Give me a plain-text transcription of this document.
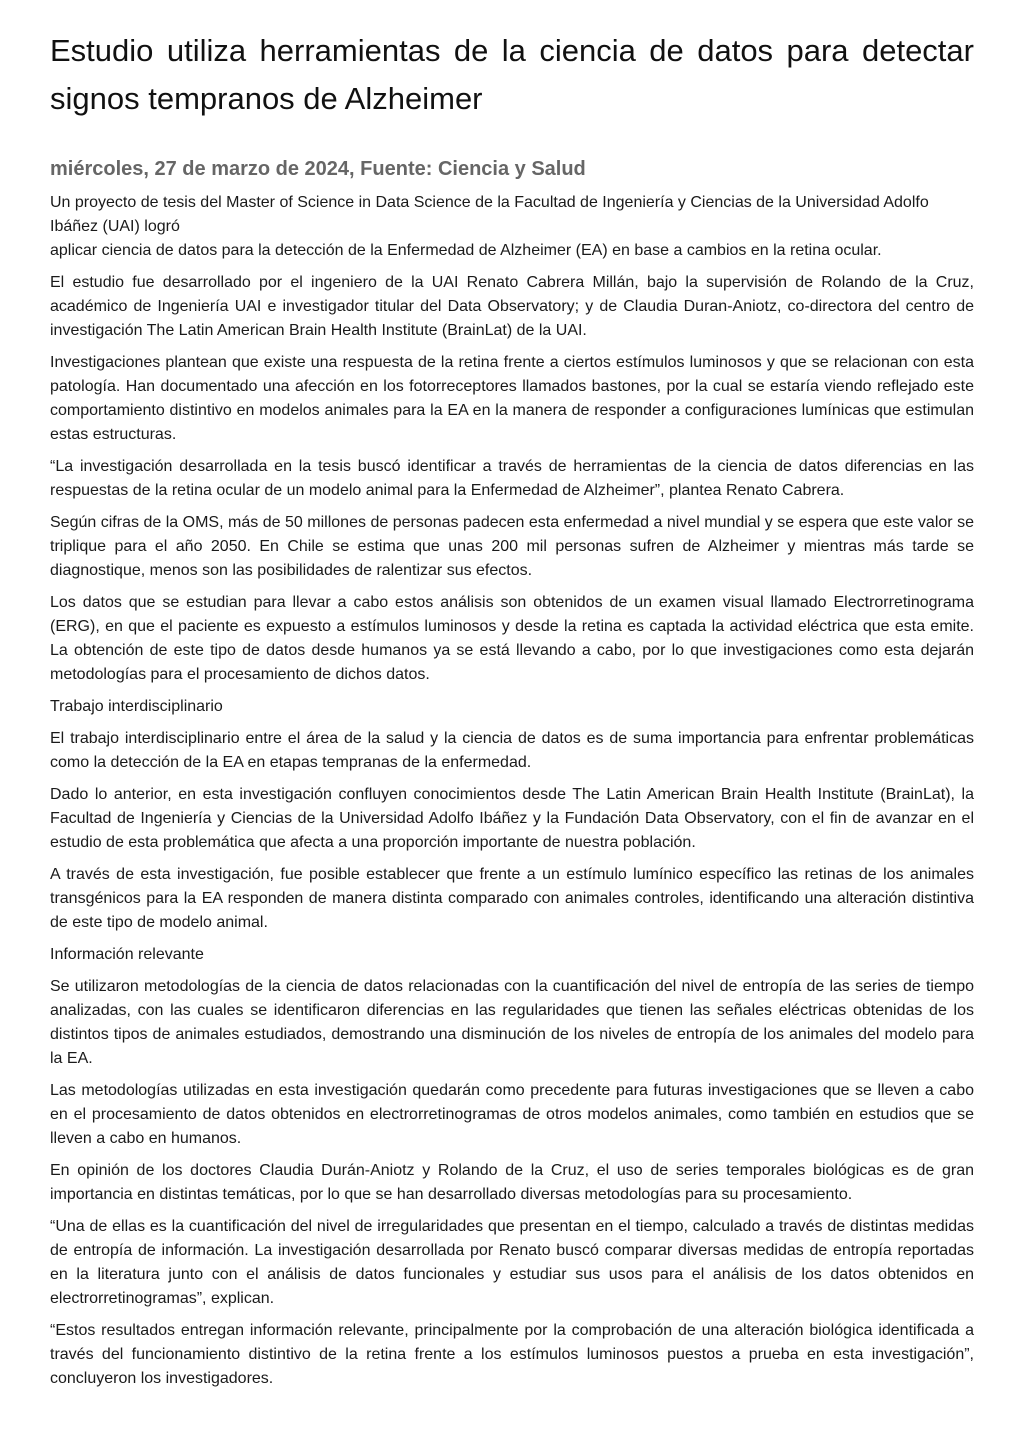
Estudio utiliza herramientas de la ciencia de datos para detectar signos tempranos de Alzheimer
miércoles, 27 de marzo de 2024, Fuente: Ciencia y Salud

Un proyecto de tesis del Master of Science in Data Science de la Facultad de Ingeniería y Ciencias de la Universidad Adolfo Ibáñez (UAI) logró
aplicar ciencia de datos para la detección de la Enfermedad de Alzheimer (EA) en base a cambios en la retina ocular.

El estudio fue desarrollado por el ingeniero de la UAI Renato Cabrera Millán, bajo la supervisión de Rolando de la Cruz, académico de Ingeniería UAI e investigador titular del Data Observatory; y de Claudia Duran-Aniotz, co-directora del centro de investigación The Latin American Brain Health Institute (BrainLat) de la UAI.

Investigaciones plantean que existe una respuesta de la retina frente a ciertos estímulos luminosos y que se relacionan con esta patología. Han documentado una afección en los fotorreceptores llamados bastones, por la cual se estaría viendo reflejado este comportamiento distintivo en modelos animales para la EA en la manera de responder a configuraciones lumínicas que estimulan estas estructuras.

“La investigación desarrollada en la tesis buscó identificar a través de herramientas de la ciencia de datos diferencias en las respuestas de la retina ocular de un modelo animal para la Enfermedad de Alzheimer”, plantea Renato Cabrera.

Según cifras de la OMS, más de 50 millones de personas padecen esta enfermedad a nivel mundial y se espera que este valor se triplique para el año 2050. En Chile se estima que unas 200 mil personas sufren de Alzheimer y mientras más tarde se diagnostique, menos son las posibilidades de ralentizar sus efectos.

Los datos que se estudian para llevar a cabo estos análisis son obtenidos de un examen visual llamado Electrorretinograma (ERG), en que el paciente es expuesto a estímulos luminosos y desde la retina es captada la actividad eléctrica que esta emite. La obtención de este tipo de datos desde humanos ya se está llevando a cabo, por lo que investigaciones como esta dejarán metodologías para el procesamiento de dichos datos.

Trabajo interdisciplinario

El trabajo interdisciplinario entre el área de la salud y la ciencia de datos es de suma importancia para enfrentar problemáticas como la detección de la EA en etapas tempranas de la enfermedad.

Dado lo anterior, en esta investigación confluyen conocimientos desde The Latin American Brain Health Institute (BrainLat), la Facultad de Ingeniería y Ciencias de la Universidad Adolfo Ibáñez y la Fundación Data Observatory, con el fin de avanzar en el estudio de esta problemática que afecta a una proporción importante de nuestra población.

A través de esta investigación, fue posible establecer que frente a un estímulo lumínico específico las retinas de los animales transgénicos para la EA responden de manera distinta comparado con animales controles, identificando una alteración distintiva de este tipo de modelo animal.

Información relevante

Se utilizaron metodologías de la ciencia de datos relacionadas con la cuantificación del nivel de entropía de las series de tiempo analizadas, con las cuales se identificaron diferencias en las regularidades que tienen las señales eléctricas obtenidas de los distintos tipos de animales estudiados, demostrando una disminución de los niveles de entropía de los animales del modelo para la EA.

Las metodologías utilizadas en esta investigación quedarán como precedente para futuras investigaciones que se lleven a cabo en el procesamiento de datos obtenidos en electrorretinogramas de otros modelos animales, como también en estudios que se lleven a cabo en humanos.

En opinión de los doctores Claudia Durán-Aniotz y Rolando de la Cruz, el uso de series temporales biológicas es de gran importancia en distintas temáticas, por lo que se han desarrollado diversas metodologías para su procesamiento.

“Una de ellas es la cuantificación del nivel de irregularidades que presentan en el tiempo, calculado a través de distintas medidas de entropía de información. La investigación desarrollada por Renato buscó comparar diversas medidas de entropía reportadas en la literatura junto con el análisis de datos funcionales y estudiar sus usos para el análisis de los datos obtenidos en electrorretinogramas”, explican.

“Estos resultados entregan información relevante, principalmente por la comprobación de una alteración biológica identificada a través del funcionamiento distintivo de la retina frente a los estímulos luminosos puestos a prueba en esta investigación”, concluyeron los investigadores.
